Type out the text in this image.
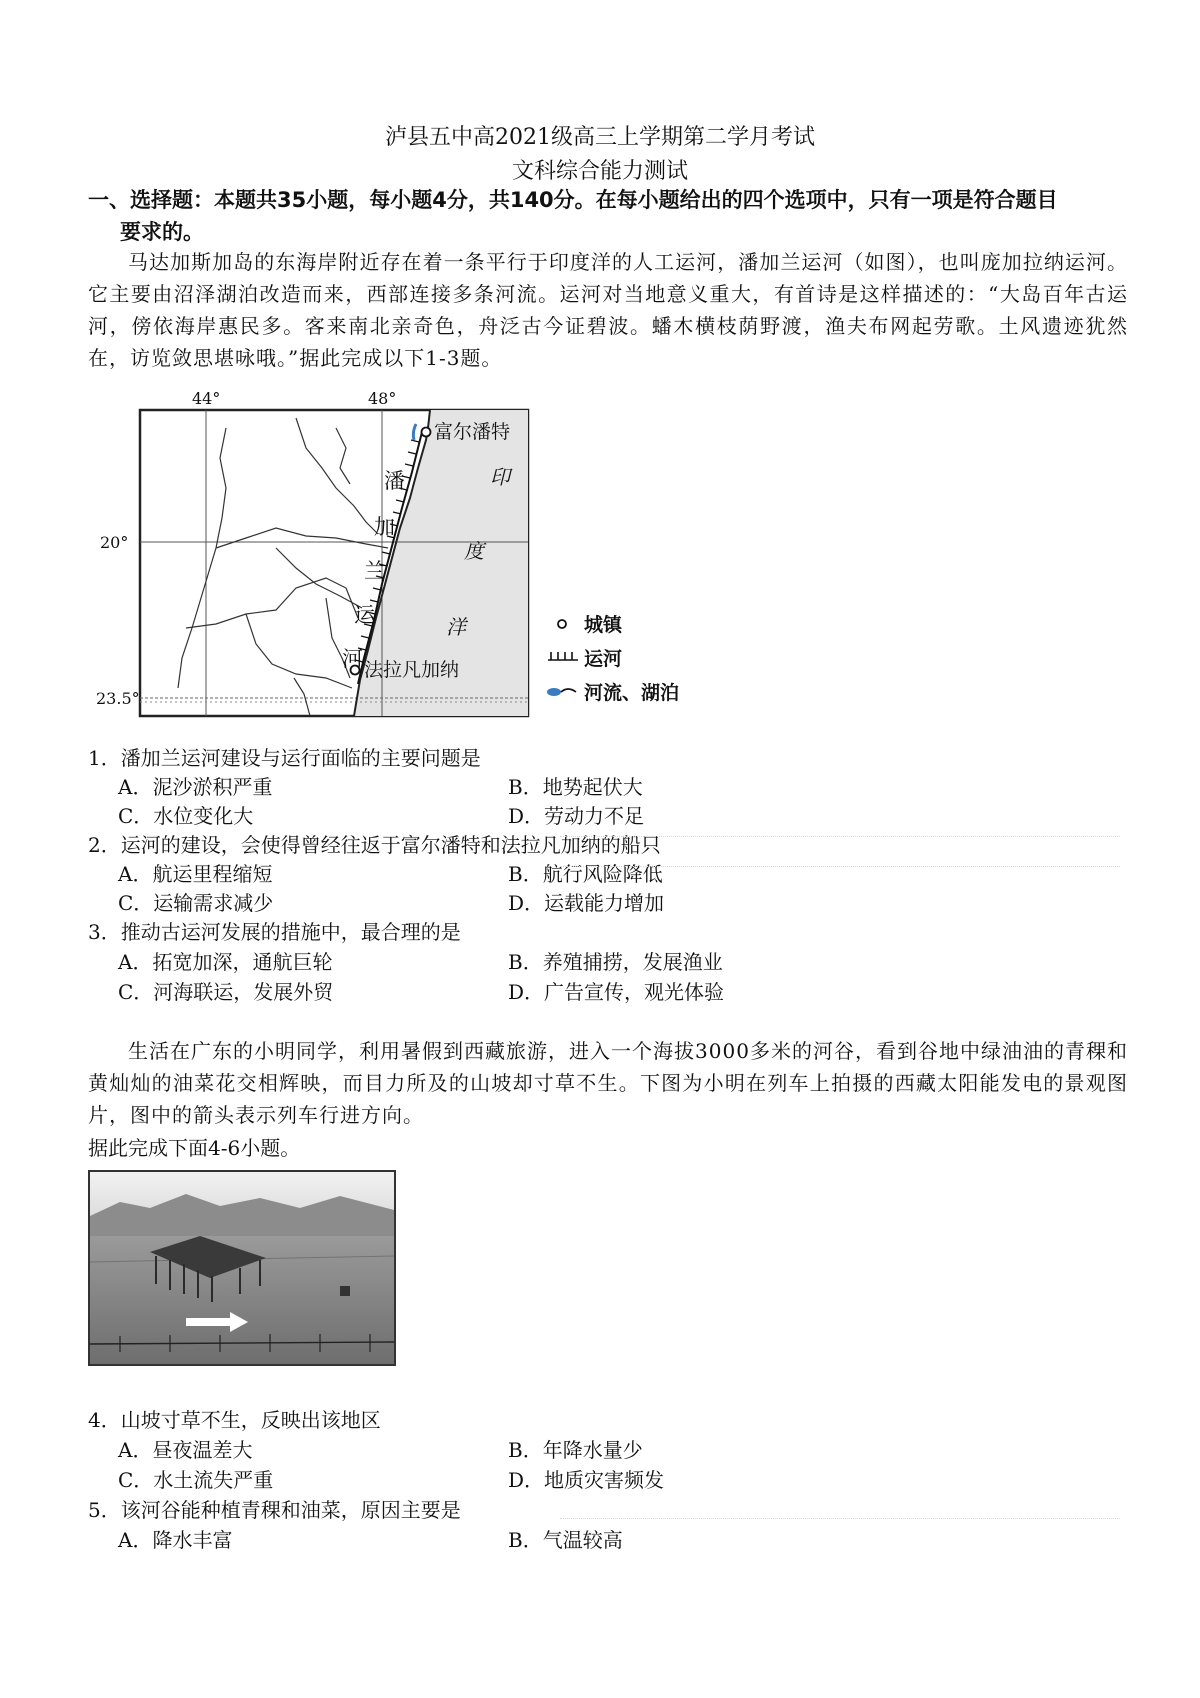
泸县五中高2021级高三上学期第二学月考试
文科综合能力测试
一、选择题：本题共35小题，每小题4分，共140分。在每小题给出的四个选项中，只有一项是符合题目
要求的。
马达加斯加岛的东海岸附近存在着一条平行于印度洋的人工运河，潘加兰运河（如图），也叫庞加拉纳运河。它主要由沼泽湖泊改造而来，西部连接多条河流。运河对当地意义重大，有首诗是这样描述的：“大岛百年古运河，傍依海岸惠民多。客来南北亲奇色，舟泛古今证碧波。蟠木横枝荫野渡，渔夫布网起劳歌。土风遗迹犹然在，访览敛思堪咏哦。”据此完成以下1-3题。
富尔潘特
法拉凡加纳
潘
加
兰
运
河
印
度
洋
44°	48°
20°
23.5°
城镇
运河
河流、湖泊
1．潘加兰运河建设与运行面临的主要问题是
A．泥沙淤积严重	B．地势起伏大
C．水位变化大	D．劳动力不足
2．运河的建设，会使得曾经往返于富尔潘特和法拉凡加纳的船只
A．航运里程缩短	B．航行风险降低
C．运输需求减少	D．运载能力增加
3．推动古运河发展的措施中，最合理的是
A．拓宽加深，通航巨轮	B．养殖捕捞，发展渔业
C．河海联运，发展外贸	D．广告宣传，观光体验
生活在广东的小明同学，利用暑假到西藏旅游，进入一个海拔3000多米的河谷，看到谷地中绿油油的青稞和黄灿灿的油菜花交相辉映，而目力所及的山坡却寸草不生。下图为小明在列车上拍摄的西藏太阳能发电的景观图片，图中的箭头表示列车行进方向。
据此完成下面4-6小题。
4．山坡寸草不生，反映出该地区
A．昼夜温差大	B．年降水量少
C．水土流失严重	D．地质灾害频发
5．该河谷能种植青稞和油菜，原因主要是
A．降水丰富	B．气温较高
